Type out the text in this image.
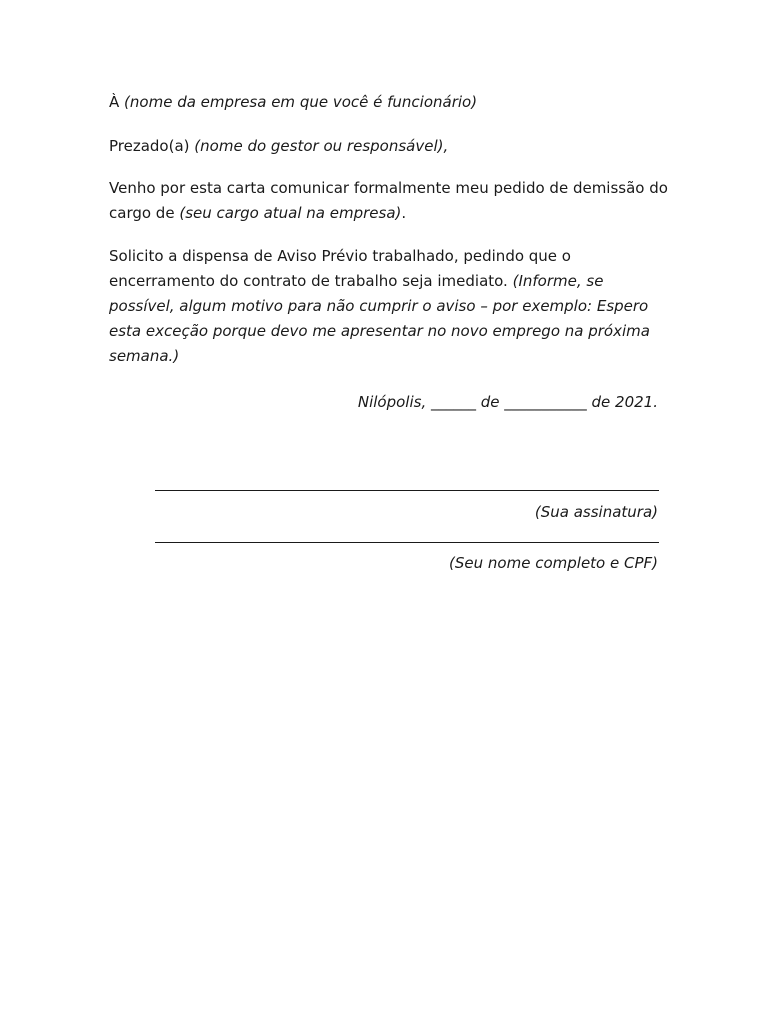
À (nome da empresa em que você é funcionário)

Prezado(a) (nome do gestor ou responsável),

Venho por esta carta comunicar formalmente meu pedido de demissão do cargo de (seu cargo atual na empresa).

Solicito a dispensa de Aviso Prévio trabalhado, pedindo que o encerramento do contrato de trabalho seja imediato. (Informe, se possível, algum motivo para não cumprir o aviso – por exemplo: Espero esta exceção porque devo me apresentar no novo emprego na próxima semana.)

Nilópolis, ______ de ___________ de 2021.
(Sua assinatura)
(Seu nome completo e CPF)
